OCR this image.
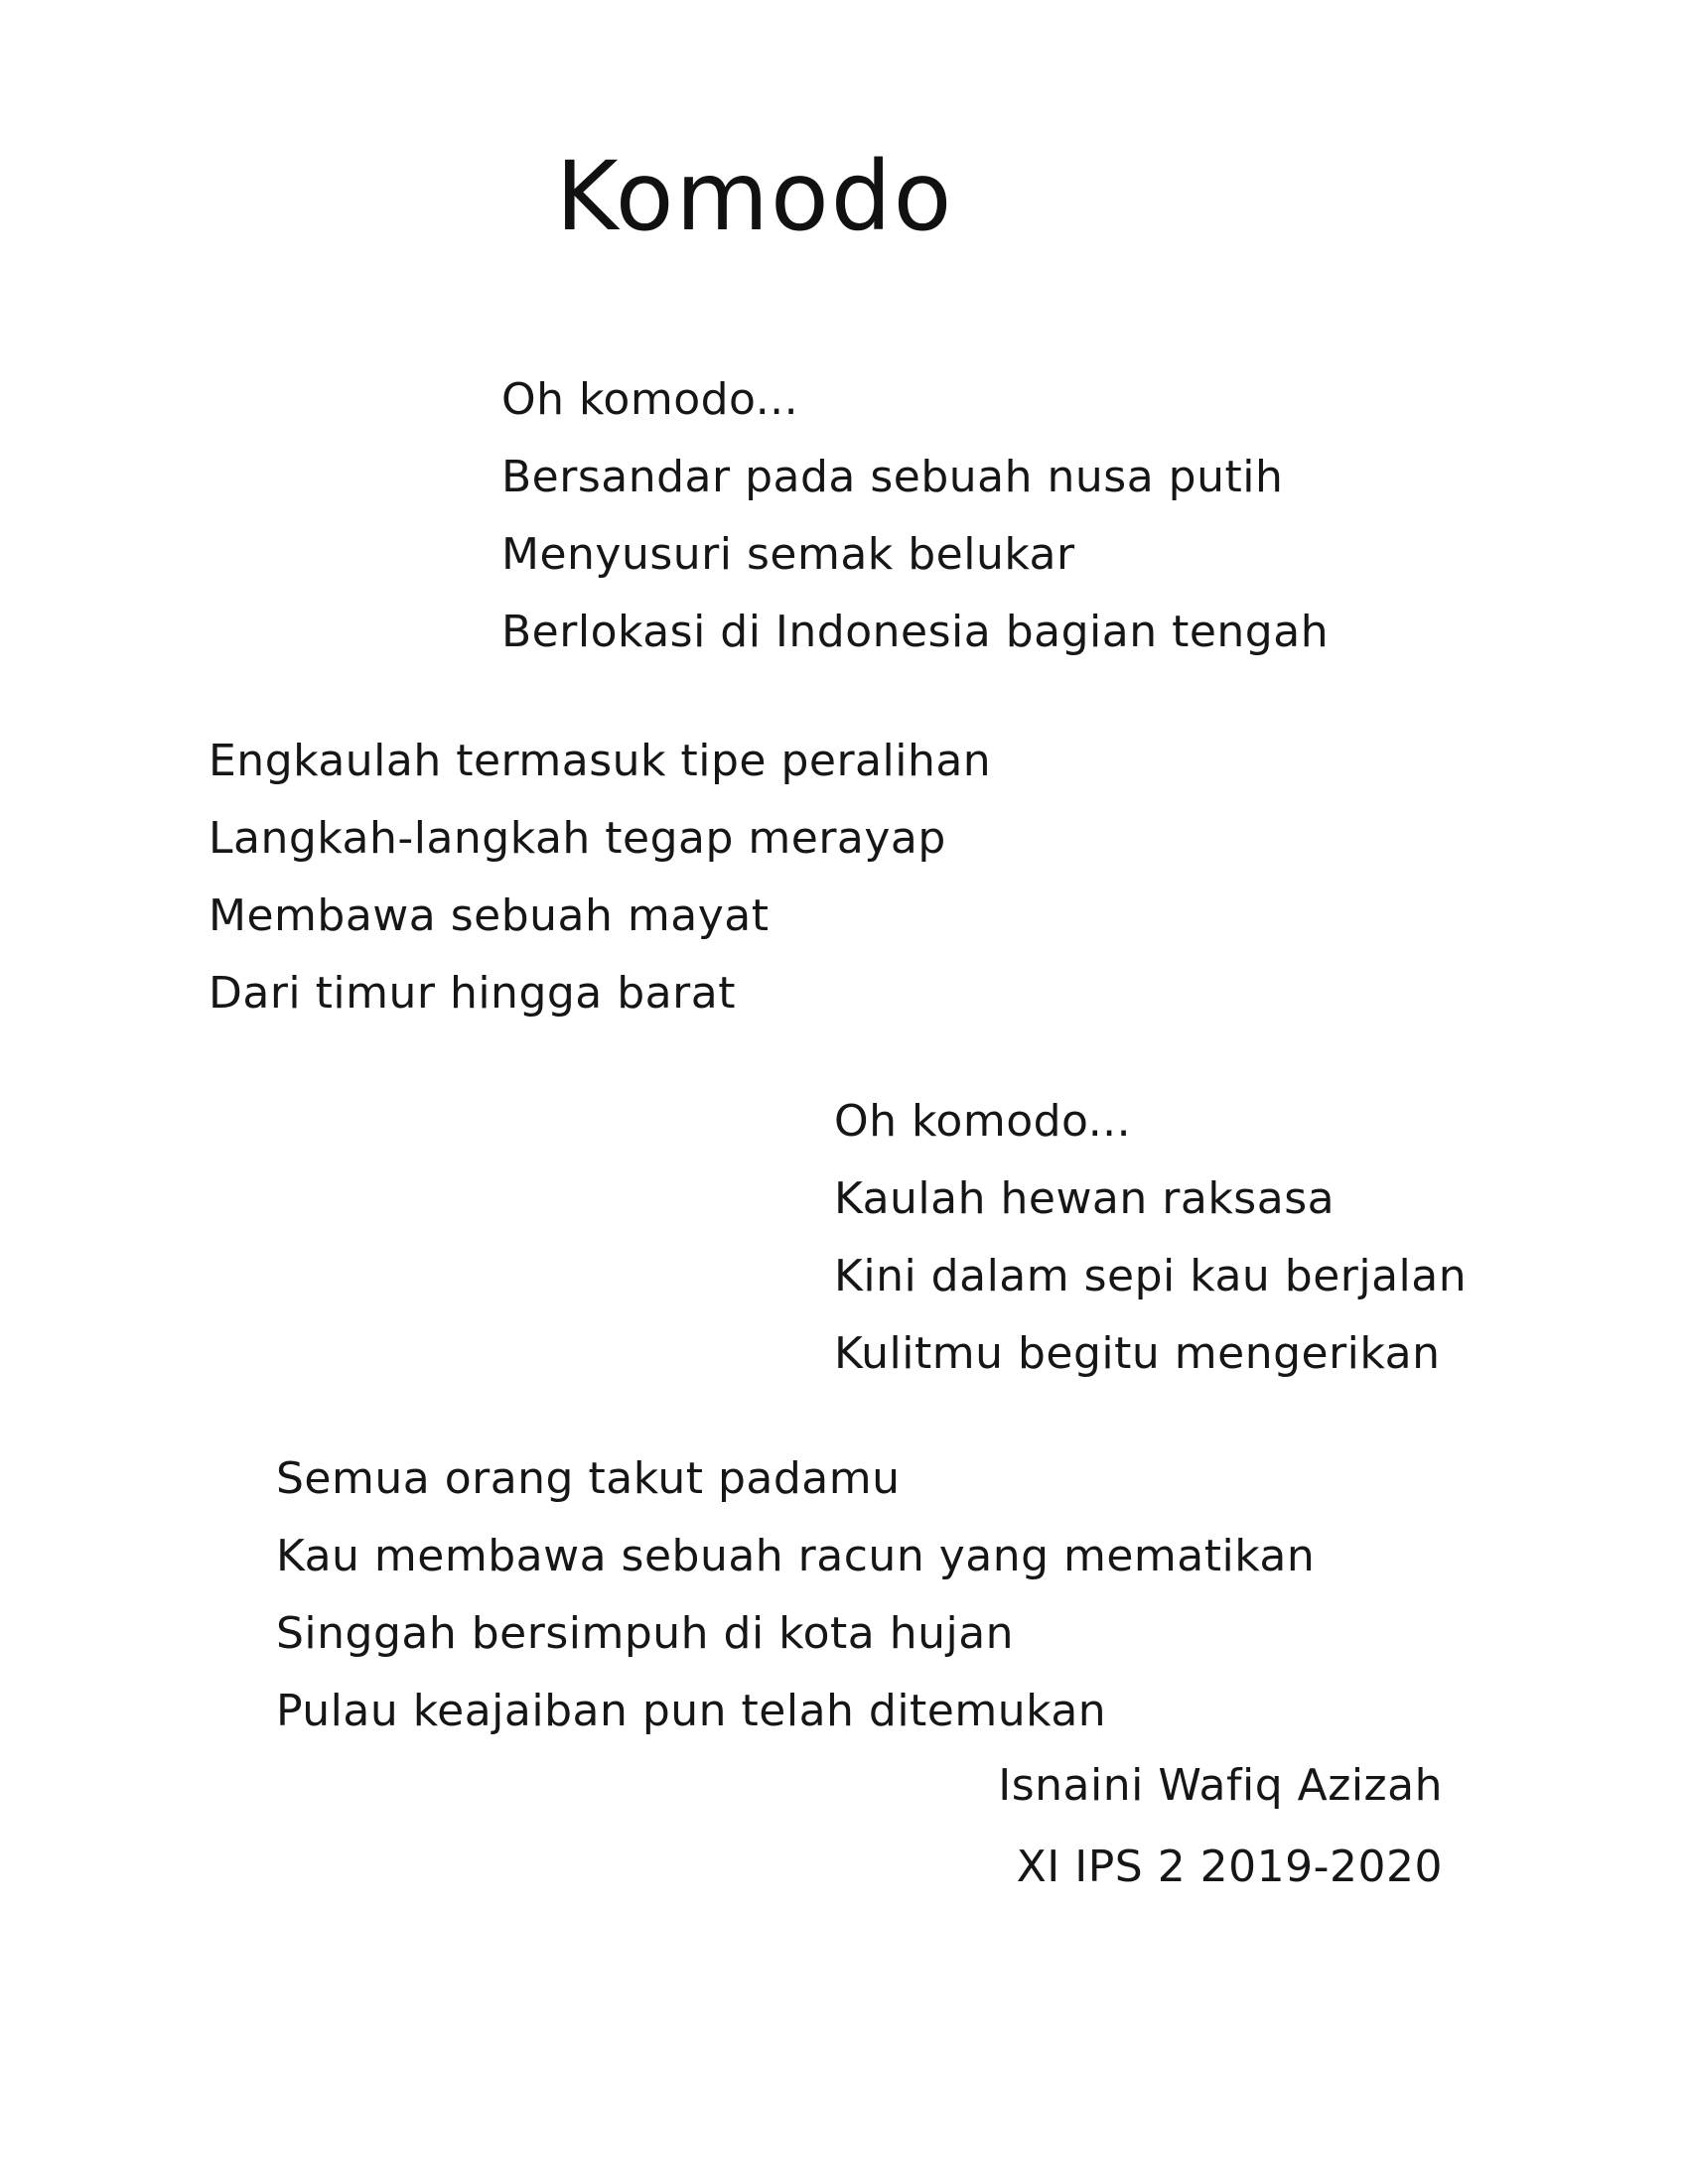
Komodo
Oh komodo...
Bersandar pada sebuah nusa putih
Menyusuri semak belukar
Berlokasi di Indonesia bagian tengah
Engkaulah termasuk tipe peralihan
Langkah-langkah tegap merayap
Membawa sebuah mayat
Dari timur hingga barat
Oh komodo...
Kaulah hewan raksasa
Kini dalam sepi kau berjalan
Kulitmu begitu mengerikan
Semua orang takut padamu
Kau membawa sebuah racun yang mematikan
Singgah bersimpuh di kota hujan
Pulau keajaiban pun telah ditemukan
Isnaini Wafiq Azizah
XI IPS 2 2019-2020
